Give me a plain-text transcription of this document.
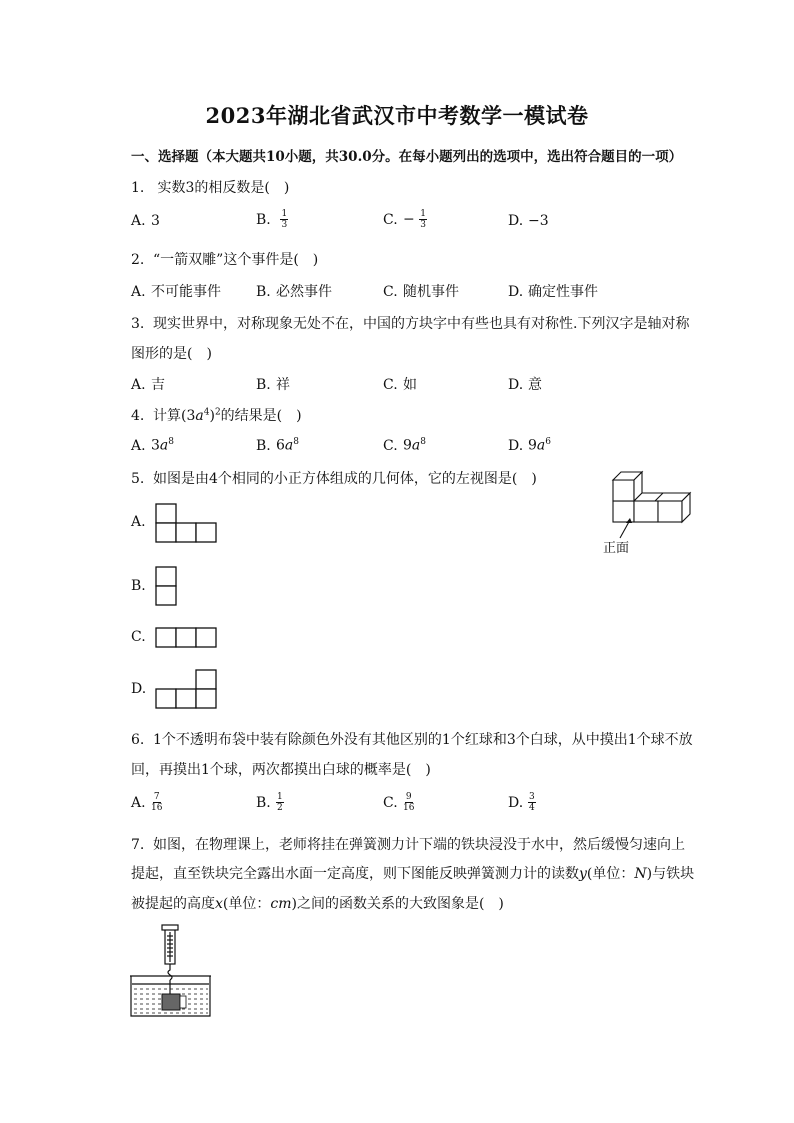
2023年湖北省武汉市中考数学一模试卷
一、选择题（本大题共10小题，共30.0分。在每小题列出的选项中，选出符合题目的一项）
1. 实数3的相反数是(　)
A. 3	B. $\frac{1}{3}$	C. − $\frac{1}{3}$	D. −3
2. “一箭双雕”这个事件是(　)
A. 不可能事件	B. 必然事件	C. 随机事件	D. 确定性事件
3. 现实世界中，对称现象无处不在，中国的方块字中有些也具有对称性.下列汉字是轴对称
图形的是(　)
A. 吉	B. 祥	C. 如	D. 意
4. 计算$(3a^4)^2$的结果是(　)
A. $3a^8$	B. $6a^8$	C. $9a^8$	D. $9a^6$
5. 如图是由4个相同的小正方体组成的几何体，它的左视图是(　)
正面
A.
B.
C.
D.
6. 1个不透明布袋中装有除颜色外没有其他区别的1个红球和3个白球，从中摸出1个球不放
回，再摸出1个球，两次都摸出白球的概率是(　)
A. $\frac{7}{16}$	B. $\frac{1}{2}$	C. $\frac{9}{16}$	D. $\frac{3}{4}$
7. 如图，在物理课上，老师将挂在弹簧测力计下端的铁块浸没于水中，然后缓慢匀速向上
提起，直至铁块完全露出水面一定高度，则下图能反映弹簧测力计的读数y(单位：N)与铁块
被提起的高度x(单位：cm)之间的函数关系的大致图象是(　)
